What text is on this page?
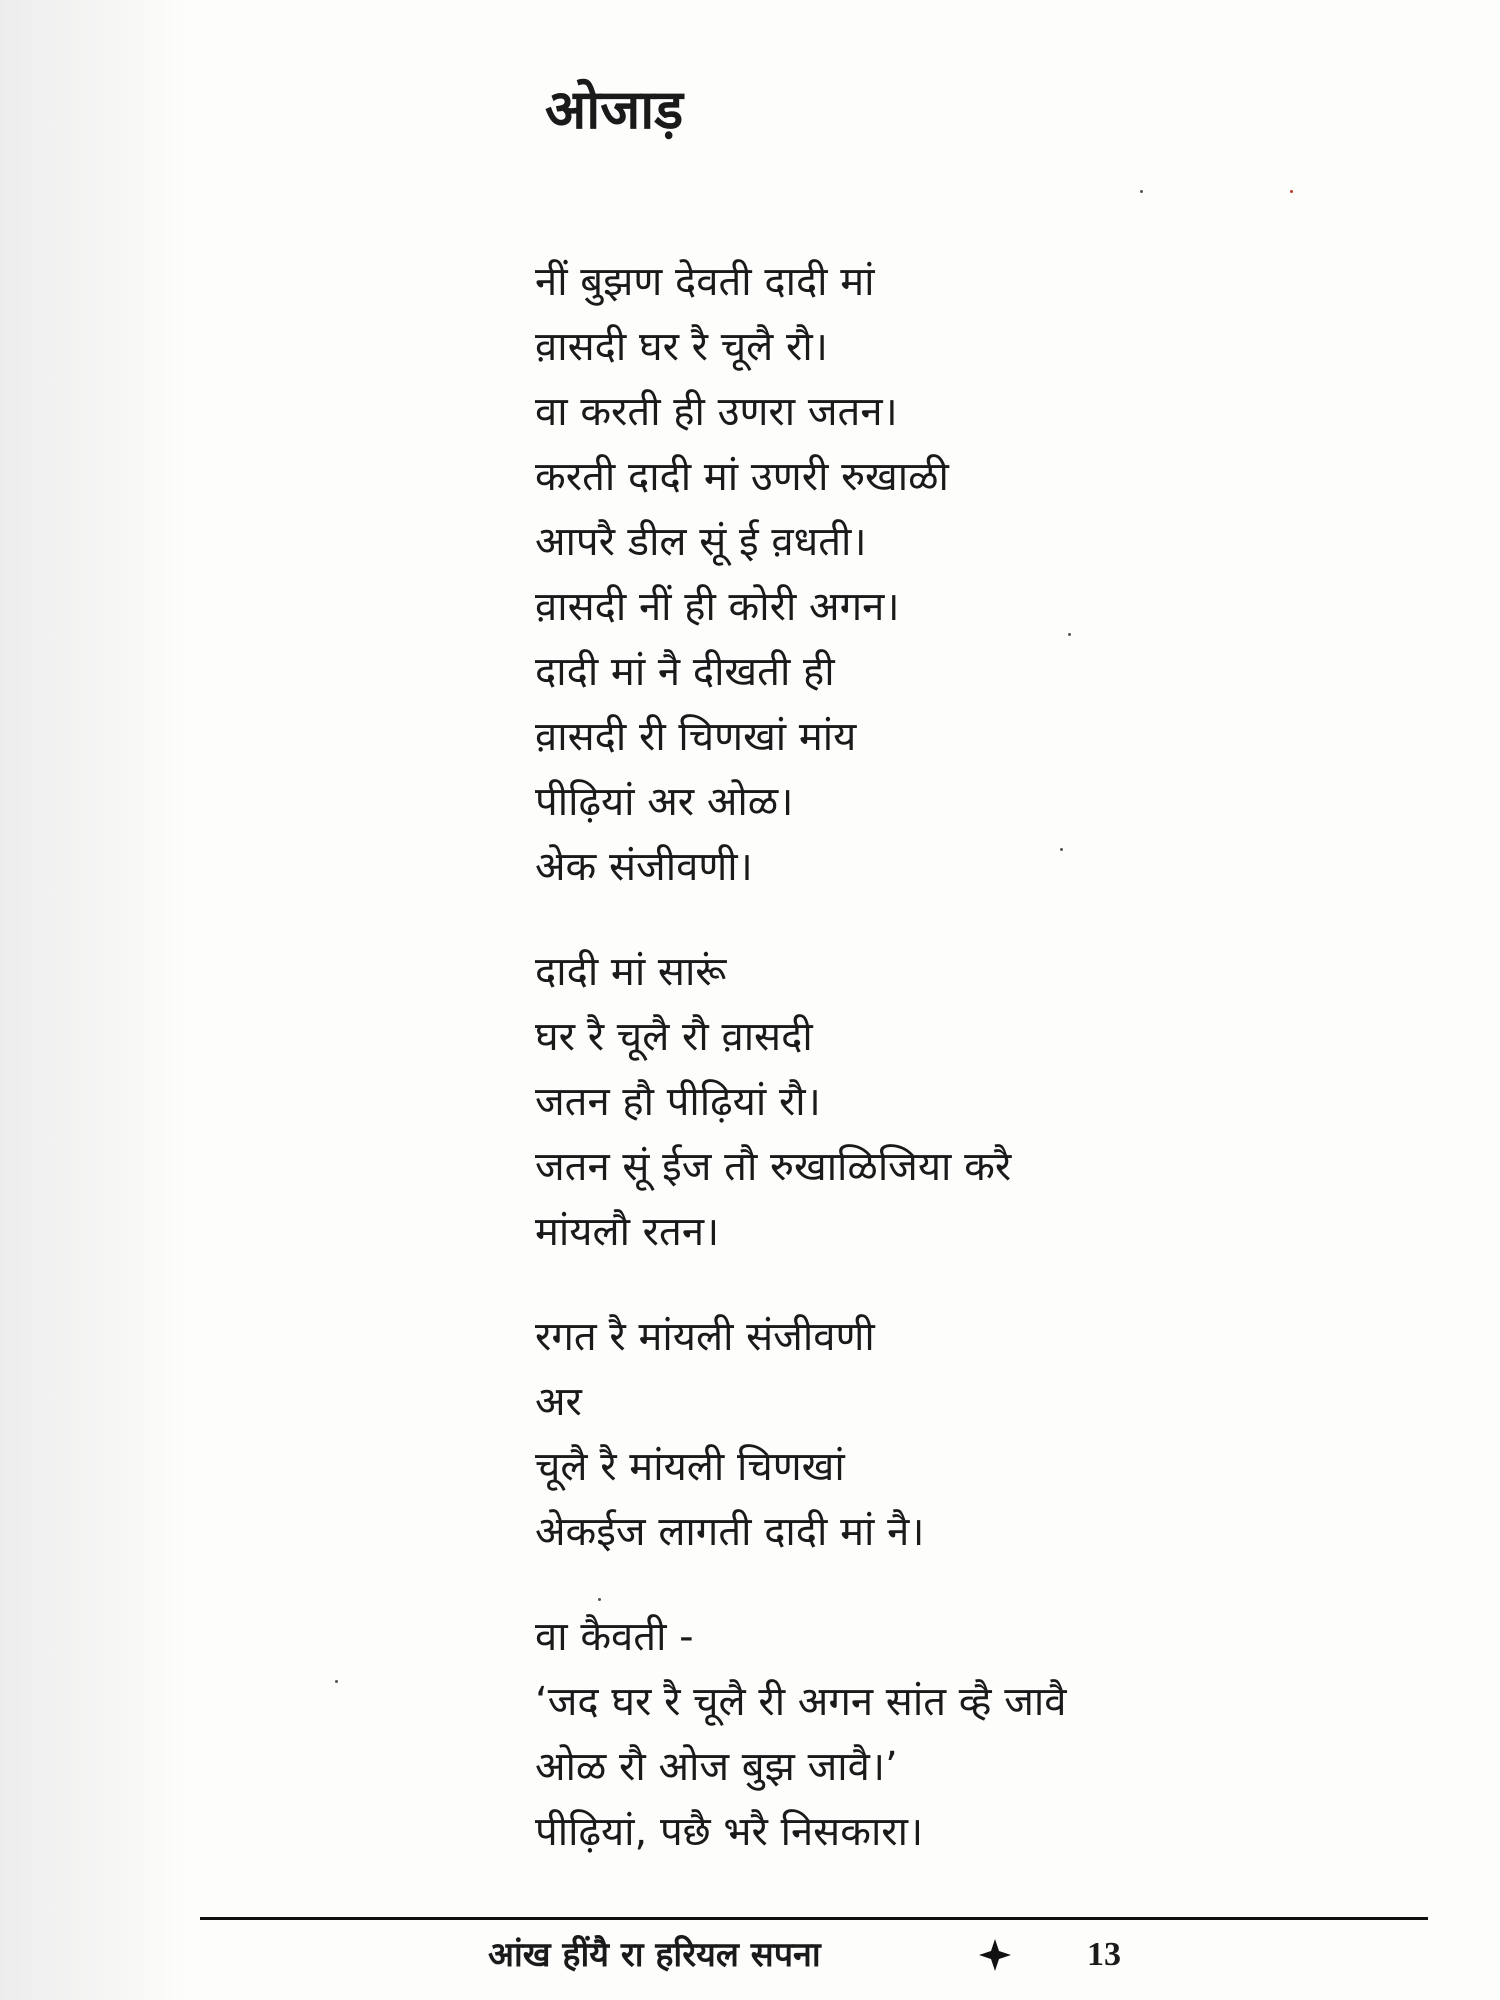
ओजाड़
नीं बुझण देवती दादी मां
व़ासदी घर रै चूलै रौ।
वा करती ही उणरा जतन।
करती दादी मां उणरी रुखाळी
आपरै डील सूं ई व़धती।
व़ासदी नीं ही कोरी अगन।
दादी मां नै दीखती ही
व़ासदी री चिणखां मांय
पीढ़ियां अर ओळ।
अेक संजीवणी।
दादी मां सारूं
घर रै चूलै रौ व़ासदी
जतन हौ पीढ़ियां रौ।
जतन सूं ईज तौ रुखाळिजिया करै
मांयलौ रतन।
रगत रै मांयली संजीवणी
अर
चूलै रै मांयली चिणखां
अेकईज लागती दादी मां नै।
वा कैवती -
‘जद घर रै चूलै री अगन सांत व्है जावै
ओळ रौ ओज बुझ जावै।’
पीढ़ियां, पछै भरै निसकारा।
आंख हींयै रा हरियल सपना	13
